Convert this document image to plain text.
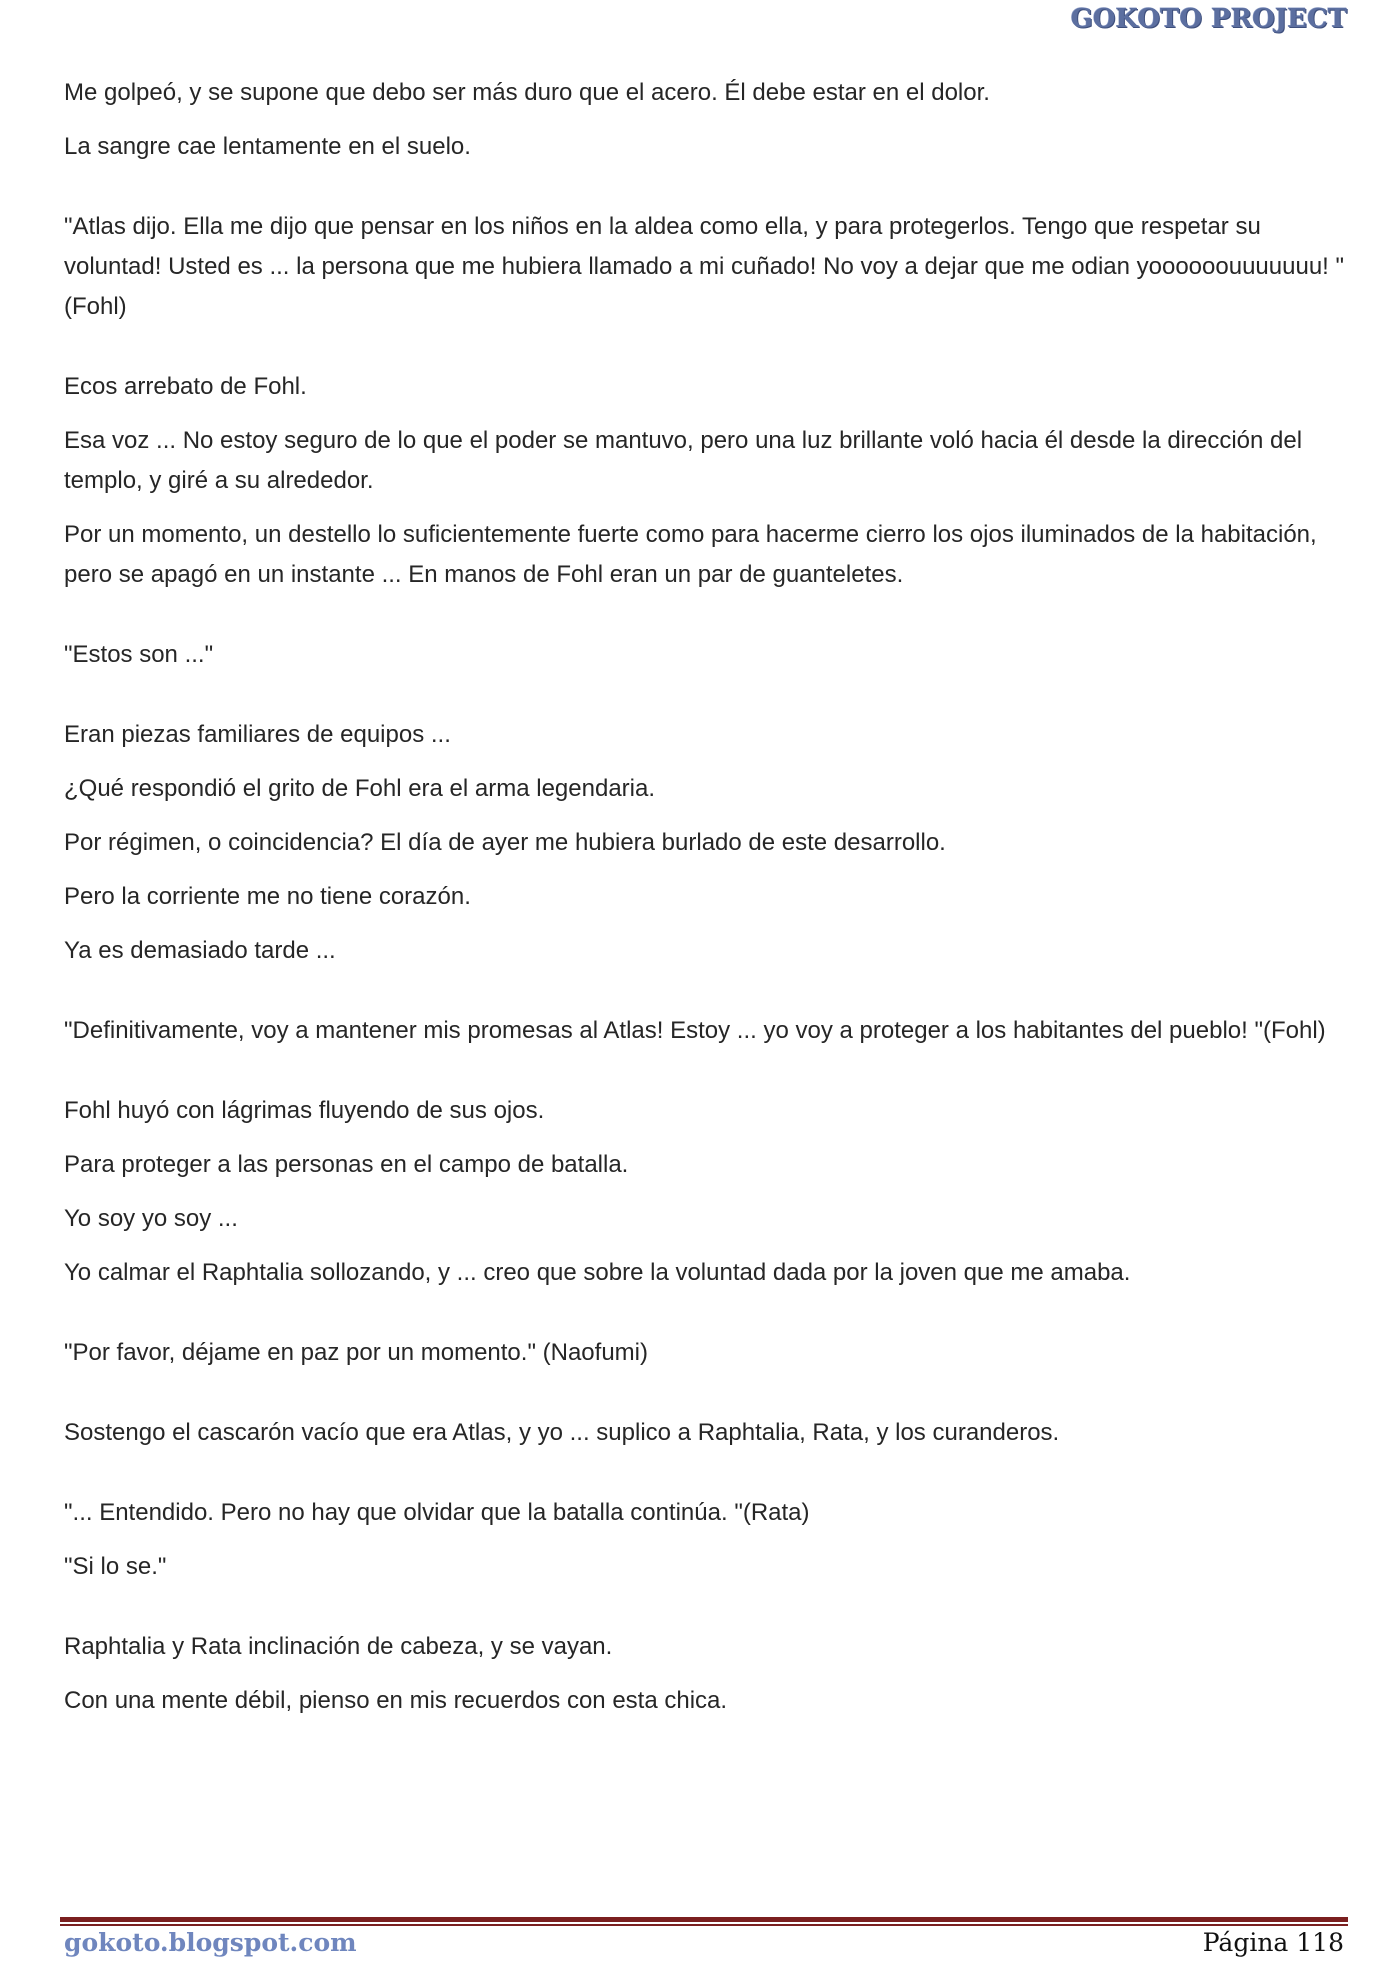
GOKOTO PROJECT

Me golpeó, y se supone que debo ser más duro que el acero. Él debe estar en el dolor.

La sangre cae lentamente en el suelo.

"Atlas dijo. Ella me dijo que pensar en los niños en la aldea como ella, y para protegerlos. Tengo que respetar su voluntad! Usted es ... la persona que me hubiera llamado a mi cuñado! No voy a dejar que me odian yoooooouuuuuuu! "(Fohl)

Ecos arrebato de Fohl.

Esa voz ... No estoy seguro de lo que el poder se mantuvo, pero una luz brillante voló hacia él desde la dirección del templo, y giré a su alrededor.

Por un momento, un destello lo suficientemente fuerte como para hacerme cierro los ojos iluminados de la habitación, pero se apagó en un instante ... En manos de Fohl eran un par de guanteletes.

"Estos son ..."

Eran piezas familiares de equipos ...

¿Qué respondió el grito de Fohl era el arma legendaria.

Por régimen, o coincidencia? El día de ayer me hubiera burlado de este desarrollo.

Pero la corriente me no tiene corazón.

Ya es demasiado tarde ...

"Definitivamente, voy a mantener mis promesas al Atlas! Estoy ... yo voy a proteger a los habitantes del pueblo! "(Fohl)

Fohl huyó con lágrimas fluyendo de sus ojos.

Para proteger a las personas en el campo de batalla.

Yo soy yo soy ...

Yo calmar el Raphtalia sollozando, y ... creo que sobre la voluntad dada por la joven que me amaba.

"Por favor, déjame en paz por un momento." (Naofumi)

Sostengo el cascarón vacío que era Atlas, y yo ... suplico a Raphtalia, Rata, y los curanderos.

"... Entendido. Pero no hay que olvidar que la batalla continúa. "(Rata)

"Si lo se."

Raphtalia y Rata inclinación de cabeza, y se vayan.

Con una mente débil, pienso en mis recuerdos con esta chica.

gokoto.blogspot.com	Página 118
